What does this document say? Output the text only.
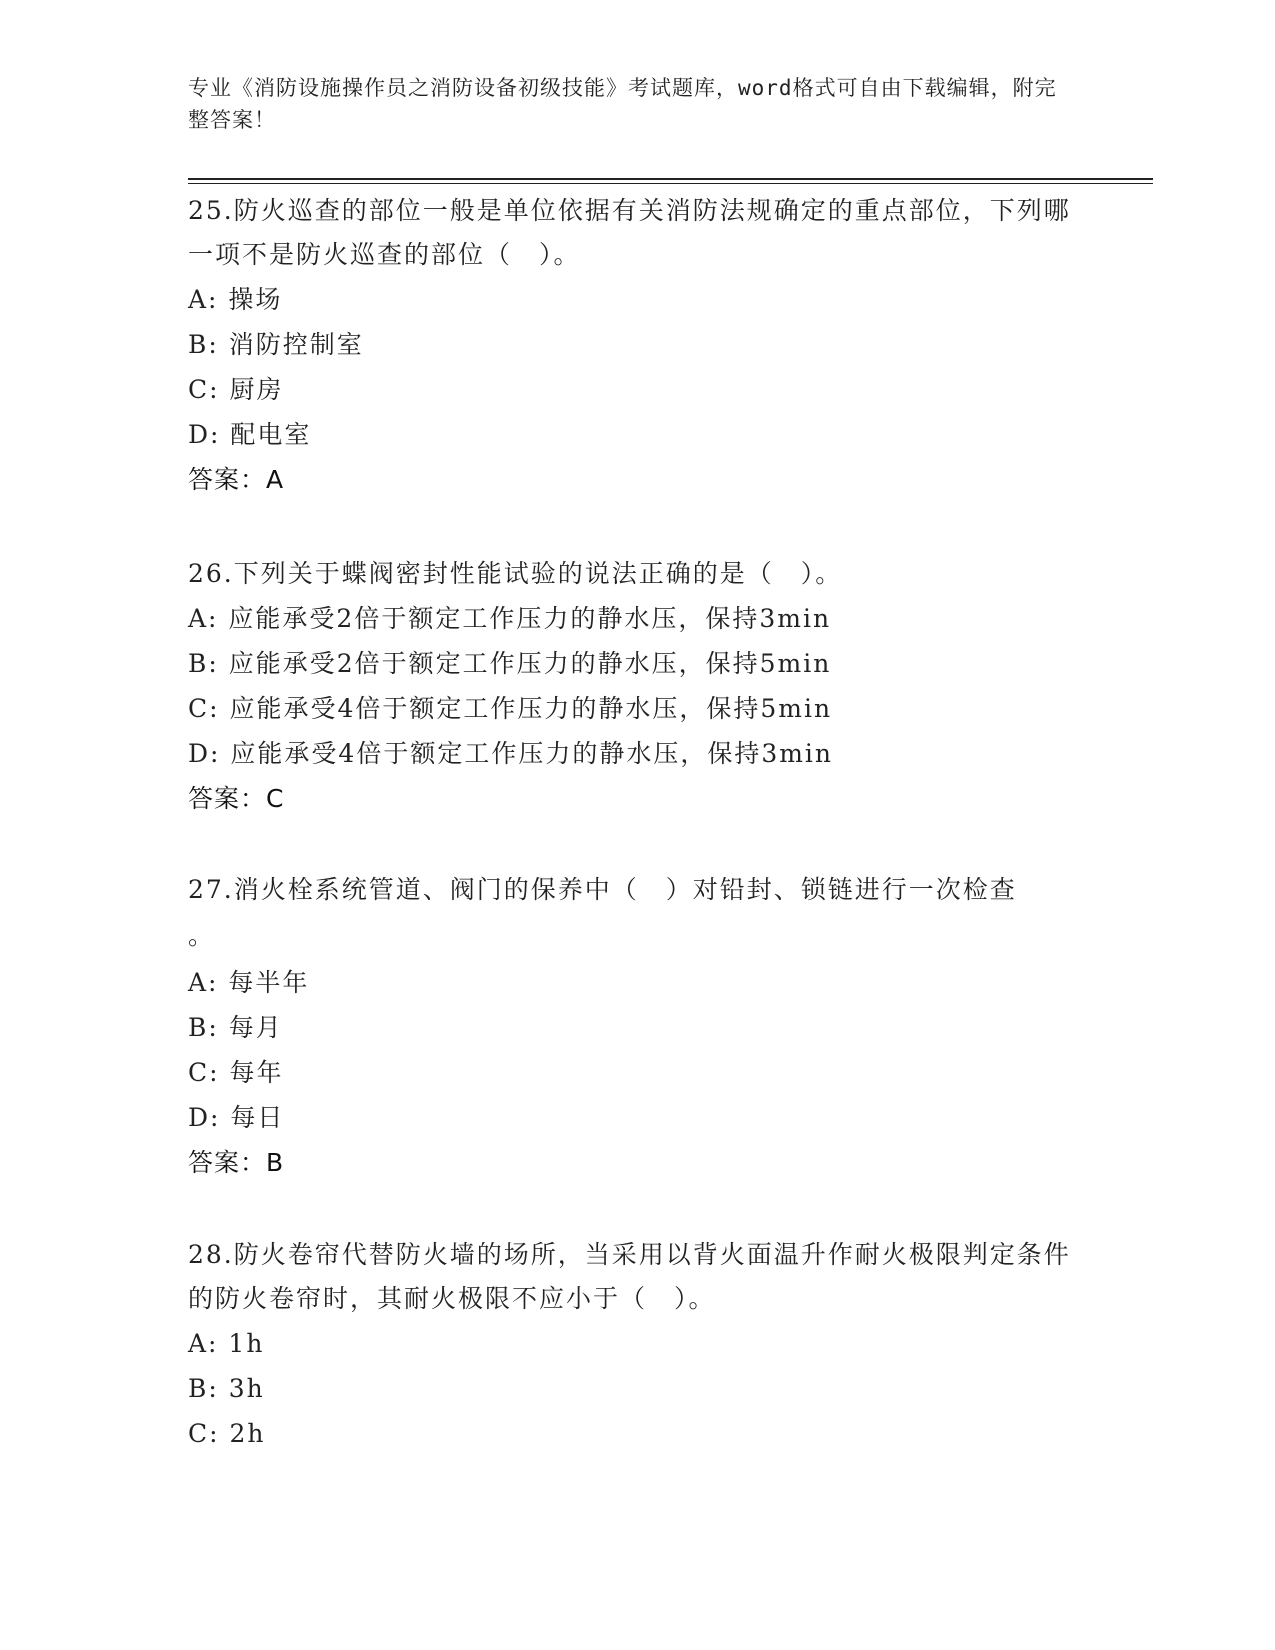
专业《消防设施操作员之消防设备初级技能》考试题库，word格式可自由下载编辑，附完整答案！

25.防火巡查的部位一般是单位依据有关消防法规确定的重点部位，下列哪一项不是防火巡查的部位（　）。

A: 操场

B: 消防控制室

C: 厨房

D: 配电室

答案：A

26.下列关于蝶阀密封性能试验的说法正确的是（　）。

A: 应能承受2倍于额定工作压力的静水压，保持3min

B: 应能承受2倍于额定工作压力的静水压，保持5min

C: 应能承受4倍于额定工作压力的静水压，保持5min

D: 应能承受4倍于额定工作压力的静水压，保持3min

答案：C

27.消火栓系统管道、阀门的保养中（　）对铅封、锁链进行一次检查

。

A: 每半年

B: 每月

C: 每年

D: 每日

答案：B

28.防火卷帘代替防火墙的场所，当采用以背火面温升作耐火极限判定条件的防火卷帘时，其耐火极限不应小于（　）。

A: 1h

B: 3h

C: 2h
